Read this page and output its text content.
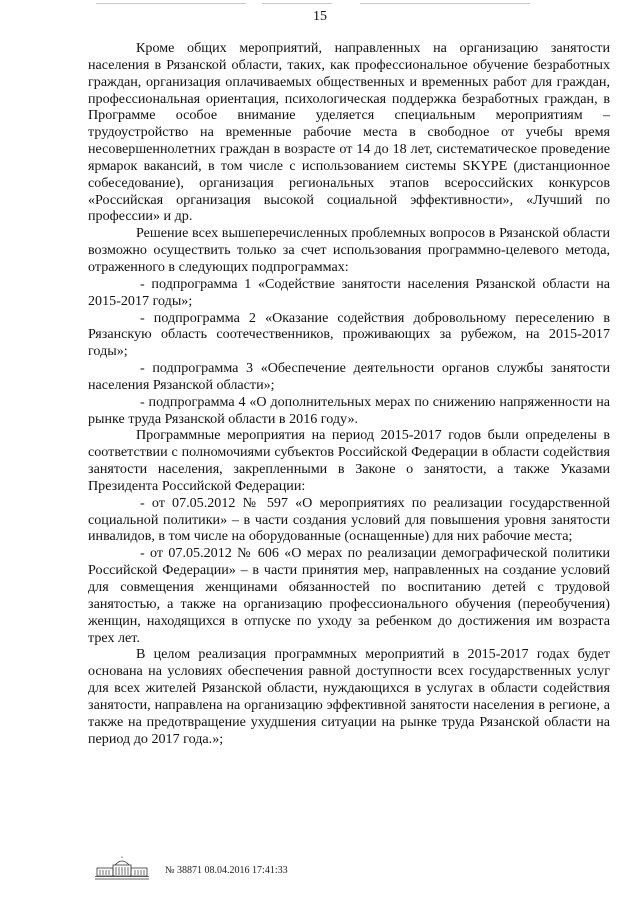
15

Кроме общих мероприятий, направленных на организацию занятости населения в Рязанской области, таких, как профессиональное обучение безработных граждан, организация оплачиваемых общественных и временных работ для граждан, профессиональная ориентация, психологическая поддержка безработных граждан, в Программе особое внимание уделяется специальным мероприятиям – трудоустройство на временные рабочие места в свободное от учебы время несовершеннолетних граждан в возрасте от 14 до 18 лет, систематическое проведение ярмарок вакансий, в том числе с использованием системы SKYPE (дистанционное собеседование), организация региональных этапов всероссийских конкурсов «Российская организация высокой социальной эффективности», «Лучший по профессии» и др.

Решение всех вышеперечисленных проблемных вопросов в Рязанской области возможно осуществить только за счет использования программно-целевого метода, отраженного в следующих подпрограммах:

- подпрограмма 1 «Содействие занятости населения Рязанской области на 2015-2017 годы»;

- подпрограмма 2 «Оказание содействия добровольному переселению в Рязанскую область соотечественников, проживающих за рубежом, на 2015-2017 годы»;

- подпрограмма 3 «Обеспечение деятельности органов службы занятости населения Рязанской области»;

- подпрограмма 4 «О дополнительных мерах по снижению напряженности на рынке труда Рязанской области в 2016 году».

Программные мероприятия на период 2015-2017 годов были определены в соответствии с полномочиями субъектов Российской Федерации в области содействия занятости населения, закрепленными в Законе о занятости, а также Указами Президента Российской Федерации:

- от 07.05.2012 № 597 «О мероприятиях по реализации государственной социальной политики» – в части создания условий для повышения уровня занятости инвалидов, в том числе на оборудованные (оснащенные) для них рабочие места;

- от 07.05.2012 № 606 «О мерах по реализации демографической политики Российской Федерации» – в части принятия мер, направленных на создание условий для совмещения женщинами обязанностей по воспитанию детей с трудовой занятостью, а также на организацию профессионального обучения (переобучения) женщин, находящихся в отпуске по уходу за ребенком до достижения им возраста трех лет.

В целом реализация программных мероприятий в 2015-2017 годах будет основана на условиях обеспечения равной доступности всех государственных услуг для всех жителей Рязанской области, нуждающихся в услугах в области содействия занятости, направлена на организацию эффективной занятости населения в регионе, а также на предотвращение ухудшения ситуации на рынке труда Рязанской области на период до 2017 года.»;

№ 38871 08.04.2016 17:41:33
